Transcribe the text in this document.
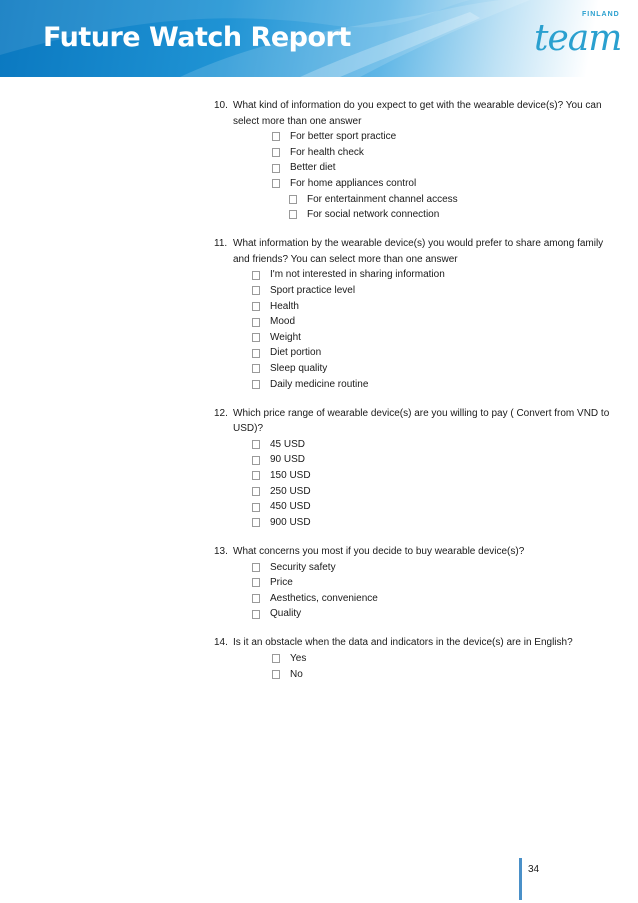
Future Watch Report
FINLAND
team
10. What kind of information do you expect to get with the wearable device(s)? You can select more than one answer
For better sport practice
For health check
Better diet
For home appliances control
For entertainment channel access
For social network connection
11. What information by the wearable device(s) you would prefer to share among family and friends? You can select more than one answer
I'm not interested in sharing information
Sport practice level
Health
Mood
Weight
Diet portion
Sleep quality
Daily medicine routine
12. Which price range of wearable device(s) are you willing to pay ( Convert from VND to USD)?
45 USD
90 USD
150 USD
250 USD
450 USD
900 USD
13. What concerns you most if you decide to buy wearable device(s)?
Security safety
Price
Aesthetics, convenience
Quality
14. Is it an obstacle when the data and indicators in the device(s) are in English?
Yes
No
34
